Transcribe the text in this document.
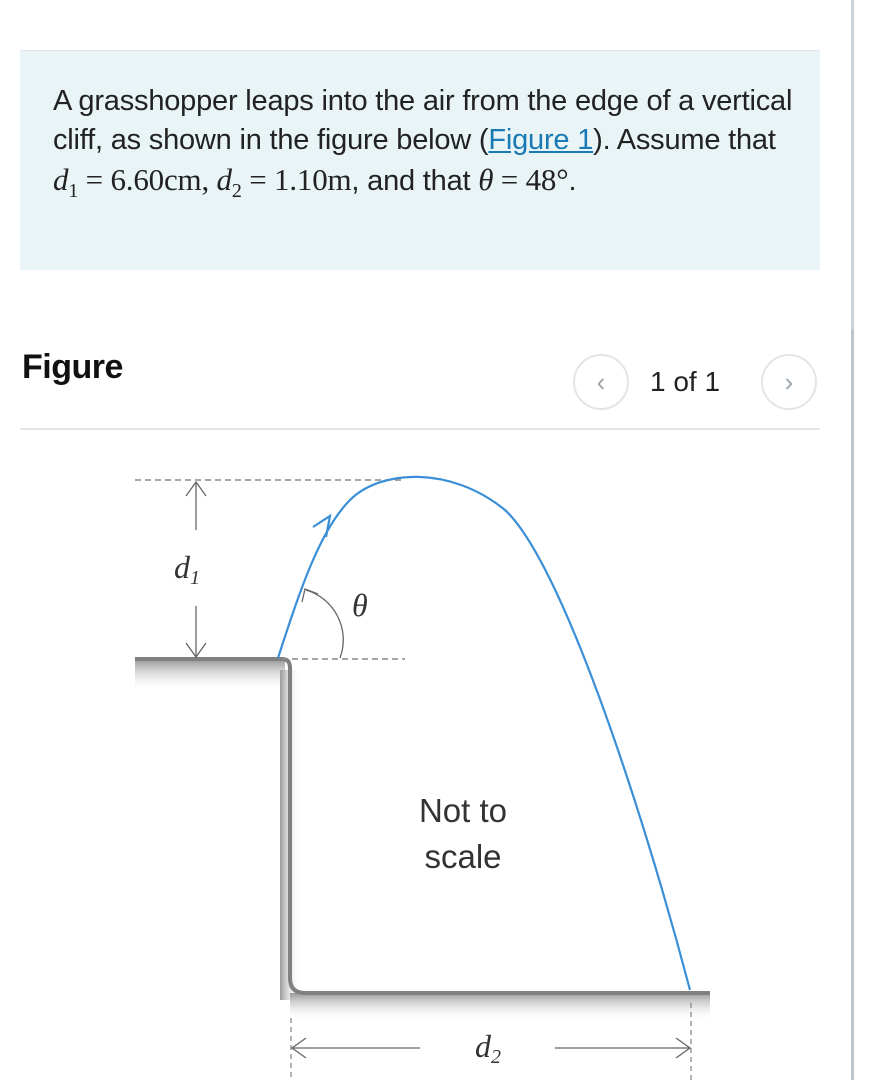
A grasshopper leaps into the air from the edge of a vertical cliff, as shown in the figure below (Figure 1). Assume that $d_1 = 6.60cm$, $d_2 = 1.10m$, and that θ = 48°.
Figure	‹ 1 of 1 ›
d1
θ
Not to
scale
d2
